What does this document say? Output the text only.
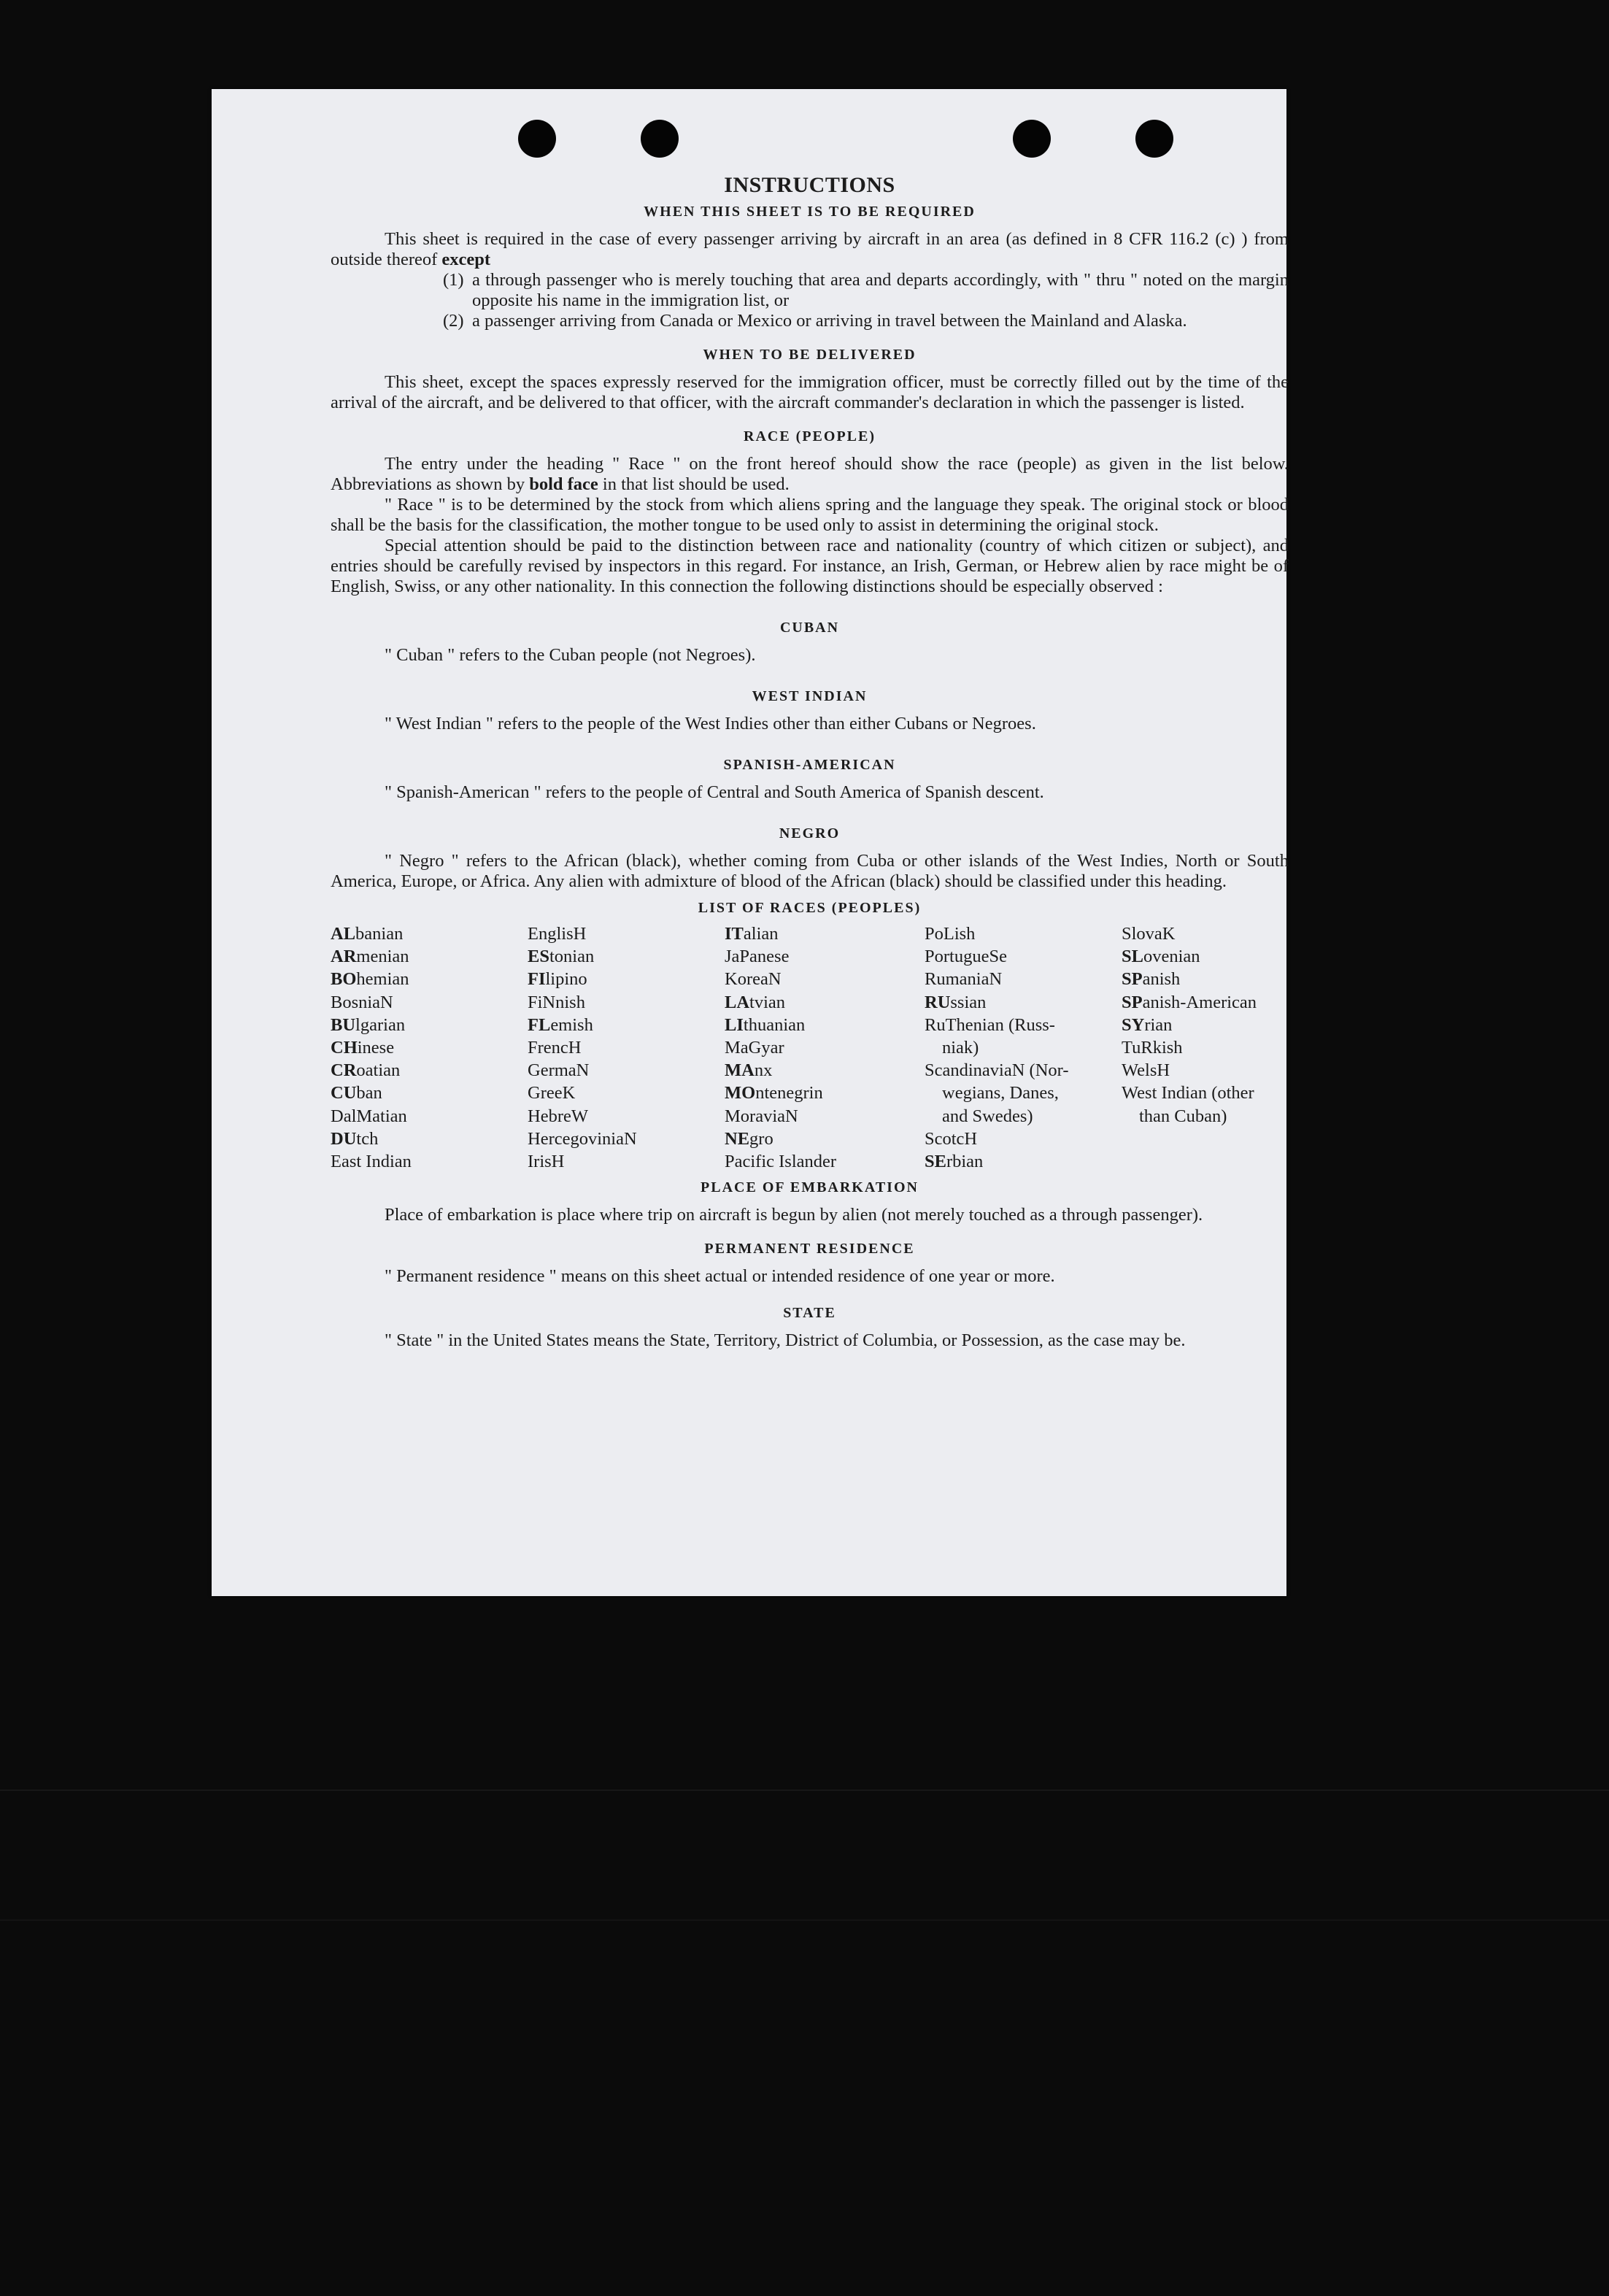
INSTRUCTIONS
WHEN THIS SHEET IS TO BE REQUIRED

This sheet is required in the case of every passenger arriving by aircraft in an area (as defined in 8 CFR 116.2 (c) ) from outside thereof except

(1) a through passenger who is merely touching that area and departs accordingly, with " thru " noted on the margin opposite his name in the immigration list, or
(2) a passenger arriving from Canada or Mexico or arriving in travel between the Mainland and Alaska.
WHEN TO BE DELIVERED

This sheet, except the spaces expressly reserved for the immigration officer, must be correctly filled out by the time of the arrival of the aircraft, and be delivered to that officer, with the aircraft commander's declaration in which the passenger is listed.

RACE (PEOPLE)

The entry under the heading " Race " on the front hereof should show the race (people) as given in the list below. Abbreviations as shown by bold face in that list should be used.

" Race " is to be determined by the stock from which aliens spring and the language they speak. The original stock or blood shall be the basis for the classification, the mother tongue to be used only to assist in determining the original stock.

Special attention should be paid to the distinction between race and nationality (country of which citizen or subject), and entries should be carefully revised by inspectors in this regard. For instance, an Irish, German, or Hebrew alien by race might be of English, Swiss, or any other nationality. In this connection the following distinctions should be especially observed :

CUBAN

" Cuban " refers to the Cuban people (not Negroes).

WEST INDIAN

" West Indian " refers to the people of the West Indies other than either Cubans or Negroes.

SPANISH-AMERICAN

" Spanish-American " refers to the people of Central and South America of Spanish descent.

NEGRO

" Negro " refers to the African (black), whether coming from Cuba or other islands of the West Indies, North or South America, Europe, or Africa. Any alien with admixture of blood of the African (black) should be classified under this heading.

LIST OF RACES (PEOPLES)
ALbanian
ARmenian
BOhemian
BosniaN
BUlgarian
CHinese
CRoatian
CUban
DalMatian
DUtch
East Indian
EnglisH
EStonian
FIlipino
FiNnish
FLemish
FrencH
GermaN
GreeK
HebreW
HercegoviniaN
IrisH
ITalian
JaPanese
KoreaN
LAtvian
LIthuanian
MaGyar
MAnx
MOntenegrin
MoraviaN
NEgro
Pacific Islander
PoLish
PortugueSe
RumaniaN
RUssian
RuThenian (Russ-
niak)
ScandinaviaN (Nor-
wegians, Danes,
and Swedes)
ScotcH
SErbian
SlovaK
SLovenian
SPanish
SPanish-American
SYrian
TuRkish
WelsH
West Indian (other
than Cuban)
PLACE OF EMBARKATION

Place of embarkation is place where trip on aircraft is begun by alien (not merely touched as a through passenger).

PERMANENT RESIDENCE

" Permanent residence " means on this sheet actual or intended residence of one year or more.

STATE

" State " in the United States means the State, Territory, District of Columbia, or Possession, as the case may be.
